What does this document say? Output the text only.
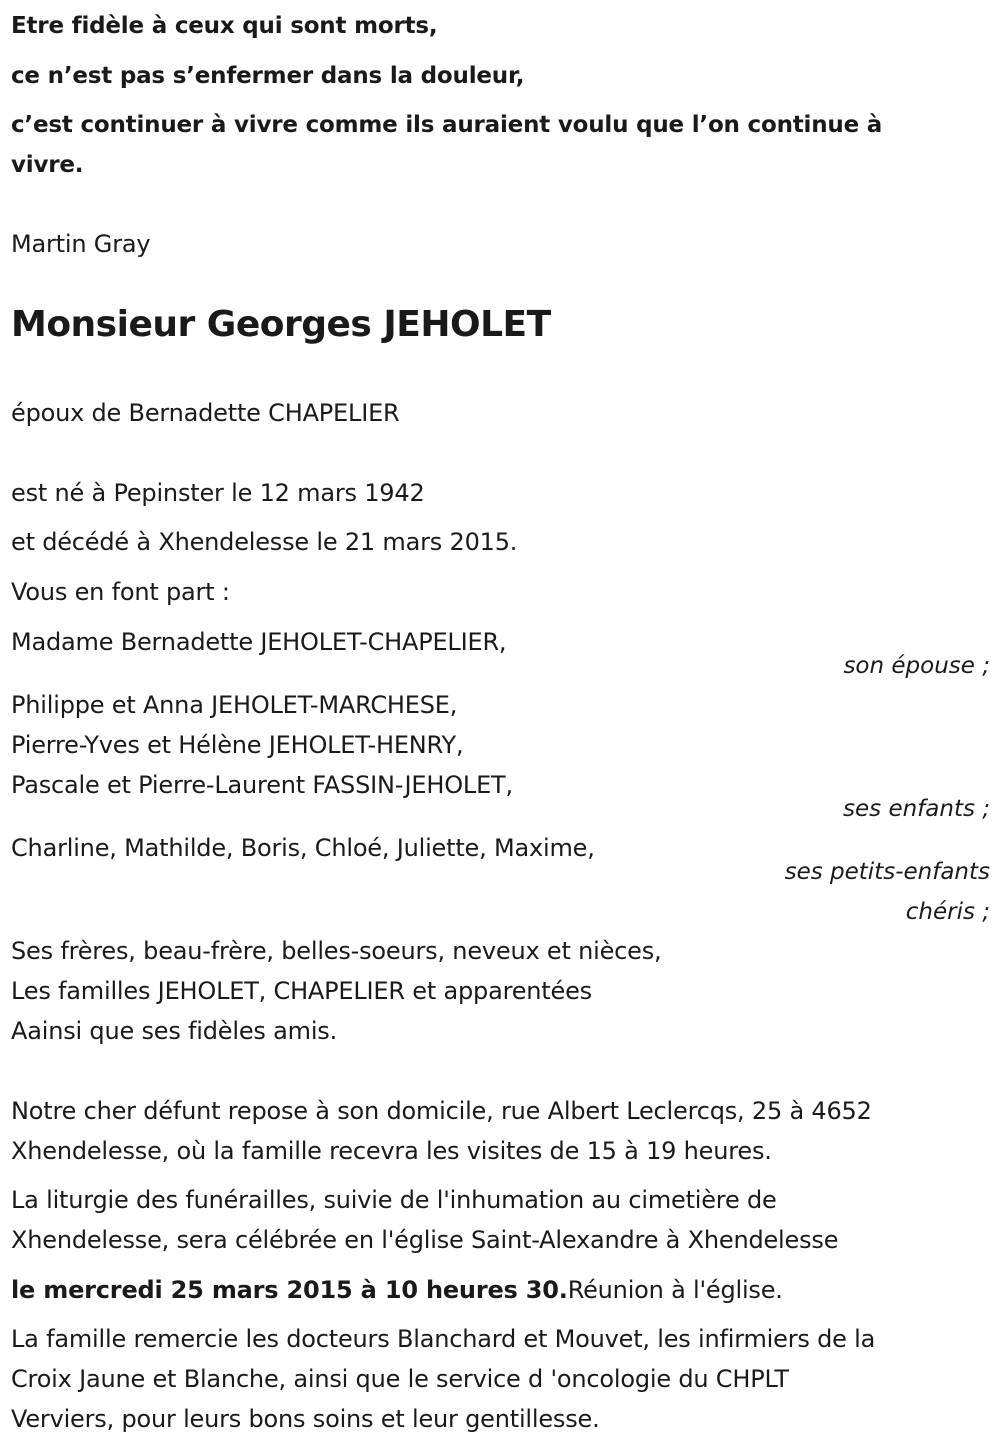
Etre fidèle à ceux qui sont morts,
ce n’est pas s’enfermer dans la douleur,
c’est continuer à vivre comme ils auraient voulu que l’on continue à
vivre.
Martin Gray
Monsieur Georges JEHOLET
époux de Bernadette CHAPELIER
est né à Pepinster le 12 mars 1942
et décédé à Xhendelesse le 21 mars 2015.
Vous en font part :
Madame Bernadette JEHOLET-CHAPELIER,
son épouse ;
Philippe et Anna JEHOLET-MARCHESE,
Pierre-Yves et Hélène JEHOLET-HENRY,
Pascale et Pierre-Laurent FASSIN-JEHOLET,
ses enfants ;
Charline, Mathilde, Boris, Chloé, Juliette, Maxime,
ses petits-enfants
chéris ;
Ses frères, beau-frère, belles-soeurs, neveux et nièces,
Les familles JEHOLET, CHAPELIER et apparentées
Aainsi que ses fidèles amis.
Notre cher défunt repose à son domicile, rue Albert Leclercqs, 25 à 4652
Xhendelesse, où la famille recevra les visites de 15 à 19 heures.
La liturgie des funérailles, suivie de l'inhumation au cimetière de
Xhendelesse, sera célébrée en l'église Saint-Alexandre à Xhendelesse
le mercredi 25 mars 2015 à 10 heures 30.Réunion à l'église.
La famille remercie les docteurs Blanchard et Mouvet, les infirmiers de la
Croix Jaune et Blanche, ainsi que le service d 'oncologie du CHPLT
Verviers, pour leurs bons soins et leur gentillesse.
